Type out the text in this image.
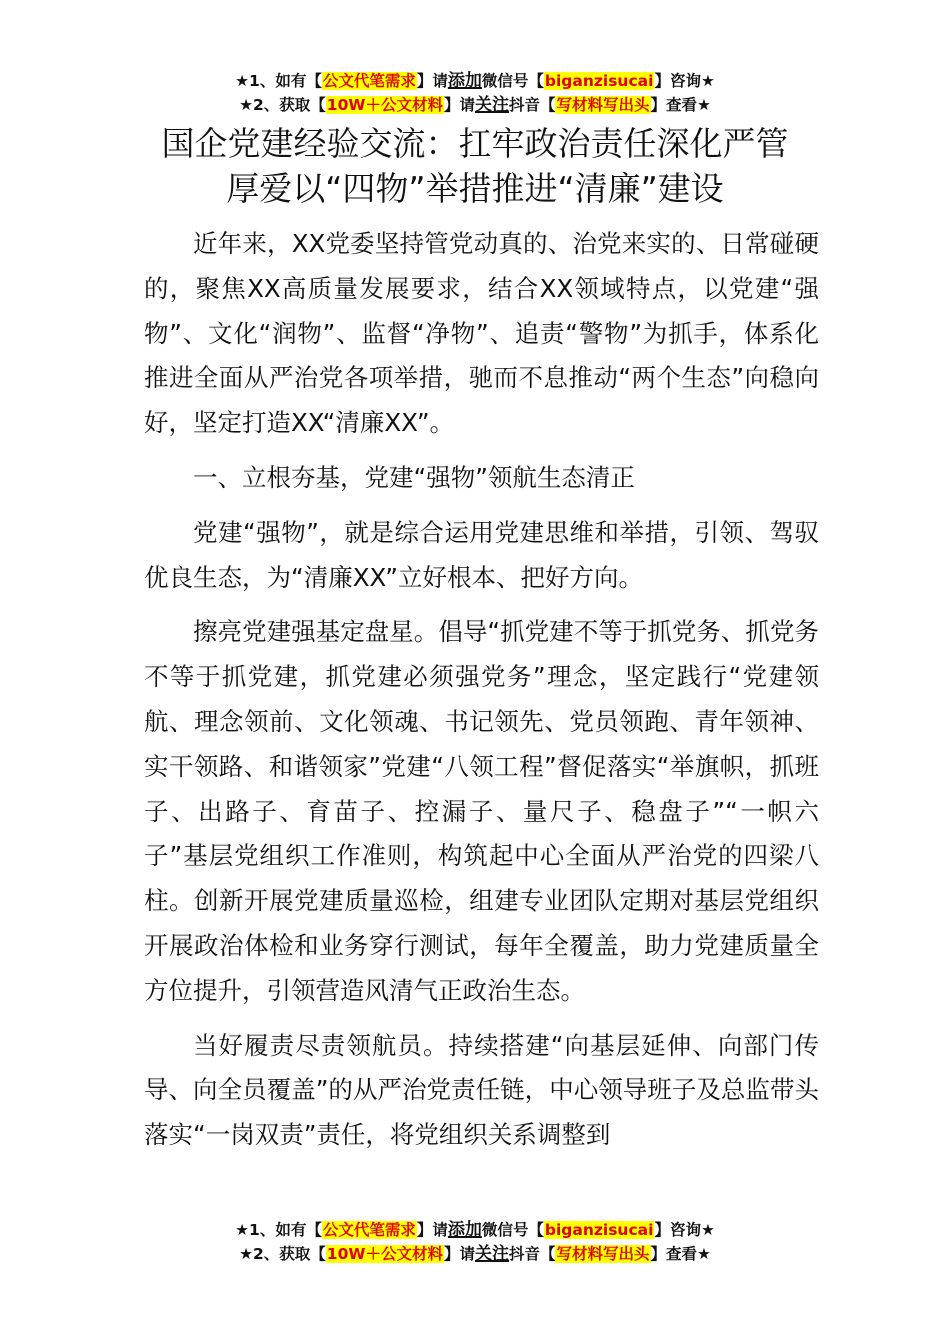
★1、如有【公文代笔需求】请添加微信号【biganzisucai】咨询★
★2、获取【10W＋公文材料】请关注抖音【写材料写出头】查看★
国企党建经验交流：扛牢政治责任深化严管
厚爱以“四物”举措推进“清廉”建设

近年来，XX党委坚持管党动真的、治党来实的、日常碰硬的，聚焦XX高质量发展要求，结合XX领域特点，以党建“强物”、文化“润物”、监督“净物”、追责“警物”为抓手，体系化推进全面从严治党各项举措，驰而不息推动“两个生态”向稳向好，坚定打造XX“清廉XX”。

一、立根夯基，党建“强物”领航生态清正

党建“强物”，就是综合运用党建思维和举措，引领、驾驭优良生态，为“清廉XX”立好根本、把好方向。

擦亮党建强基定盘星。倡导“抓党建不等于抓党务、抓党务不等于抓党建，抓党建必须强党务”理念，坚定践行“党建领航、理念领前、文化领魂、书记领先、党员领跑、青年领神、实干领路、和谐领家”党建“八领工程”督促落实“举旗帜，抓班子、出路子、育苗子、控漏子、量尺子、稳盘子”“一帜六子”基层党组织工作准则，构筑起中心全面从严治党的四梁八柱。创新开展党建质量巡检，组建专业团队定期对基层党组织开展政治体检和业务穿行测试，每年全覆盖，助力党建质量全方位提升，引领营造风清气正政治生态。

当好履责尽责领航员。持续搭建“向基层延伸、向部门传导、向全员覆盖”的从严治党责任链，中心领导班子及总监带头落实“一岗双责”责任，将党组织关系调整到

★1、如有【公文代笔需求】请添加微信号【biganzisucai】咨询★
★2、获取【10W＋公文材料】请关注抖音【写材料写出头】查看★
